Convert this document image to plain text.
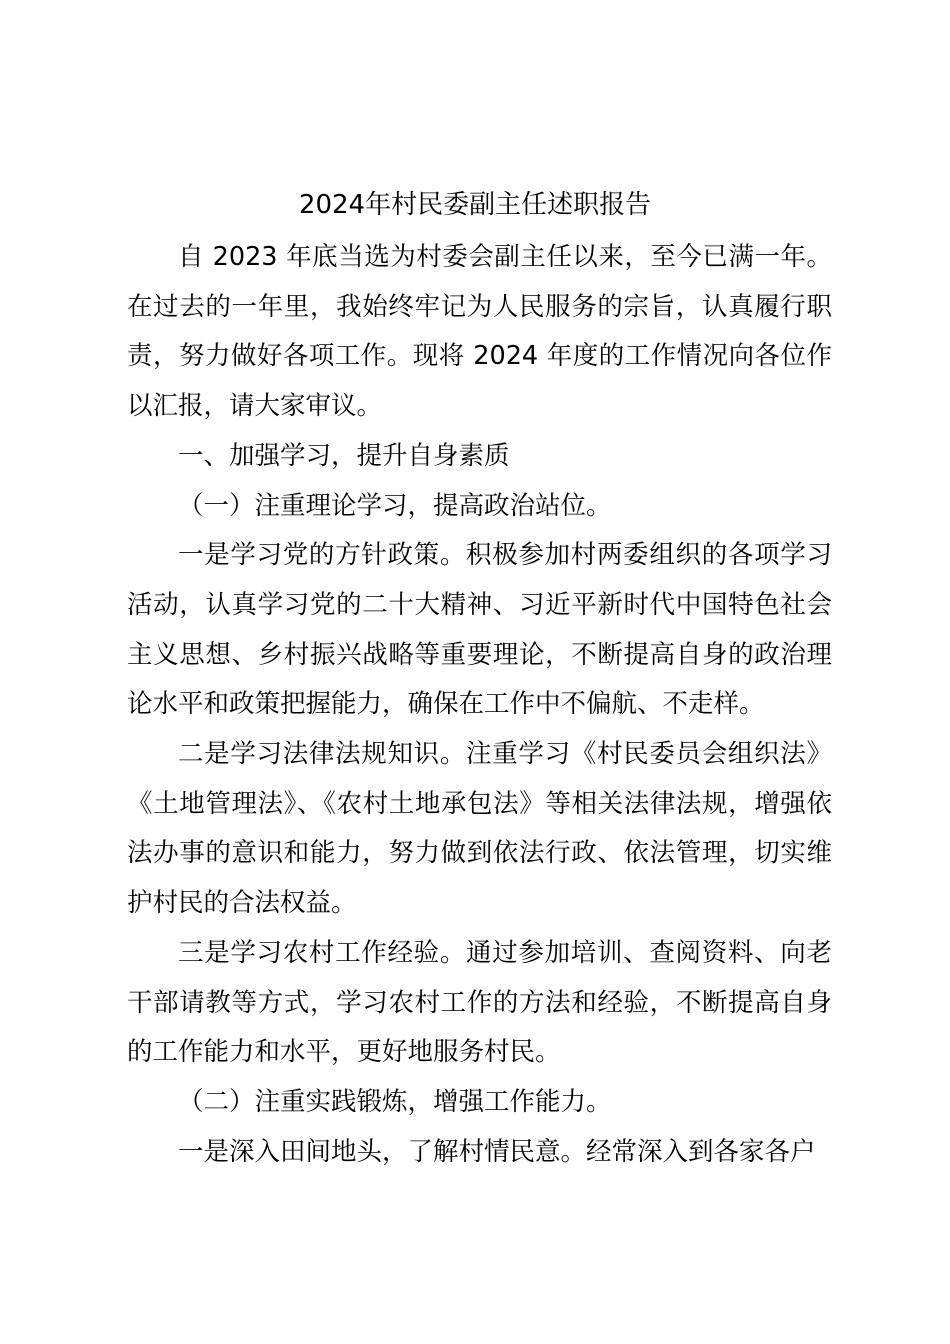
2024年村民委副主任述职报告

自 2023 年底当选为村委会副主任以来，至今已满一年。在过去的一年里，我始终牢记为人民服务的宗旨，认真履行职责，努力做好各项工作。现将 2024 年度的工作情况向各位作以汇报，请大家审议。

一、加强学习，提升自身素质

（一）注重理论学习，提高政治站位。

一是学习党的方针政策。积极参加村两委组织的各项学习活动，认真学习党的二十大精神、习近平新时代中国特色社会主义思想、乡村振兴战略等重要理论，不断提高自身的政治理论水平和政策把握能力，确保在工作中不偏航、不走样。

二是学习法律法规知识。注重学习《村民委员会组织法》《土地管理法》、《农村土地承包法》等相关法律法规，增强依法办事的意识和能力，努力做到依法行政、依法管理，切实维护村民的合法权益。

三是学习农村工作经验。通过参加培训、查阅资料、向老干部请教等方式，学习农村工作的方法和经验，不断提高自身的工作能力和水平，更好地服务村民。

（二）注重实践锻炼，增强工作能力。

一是深入田间地头，了解村情民意。经常深入到各家各户
